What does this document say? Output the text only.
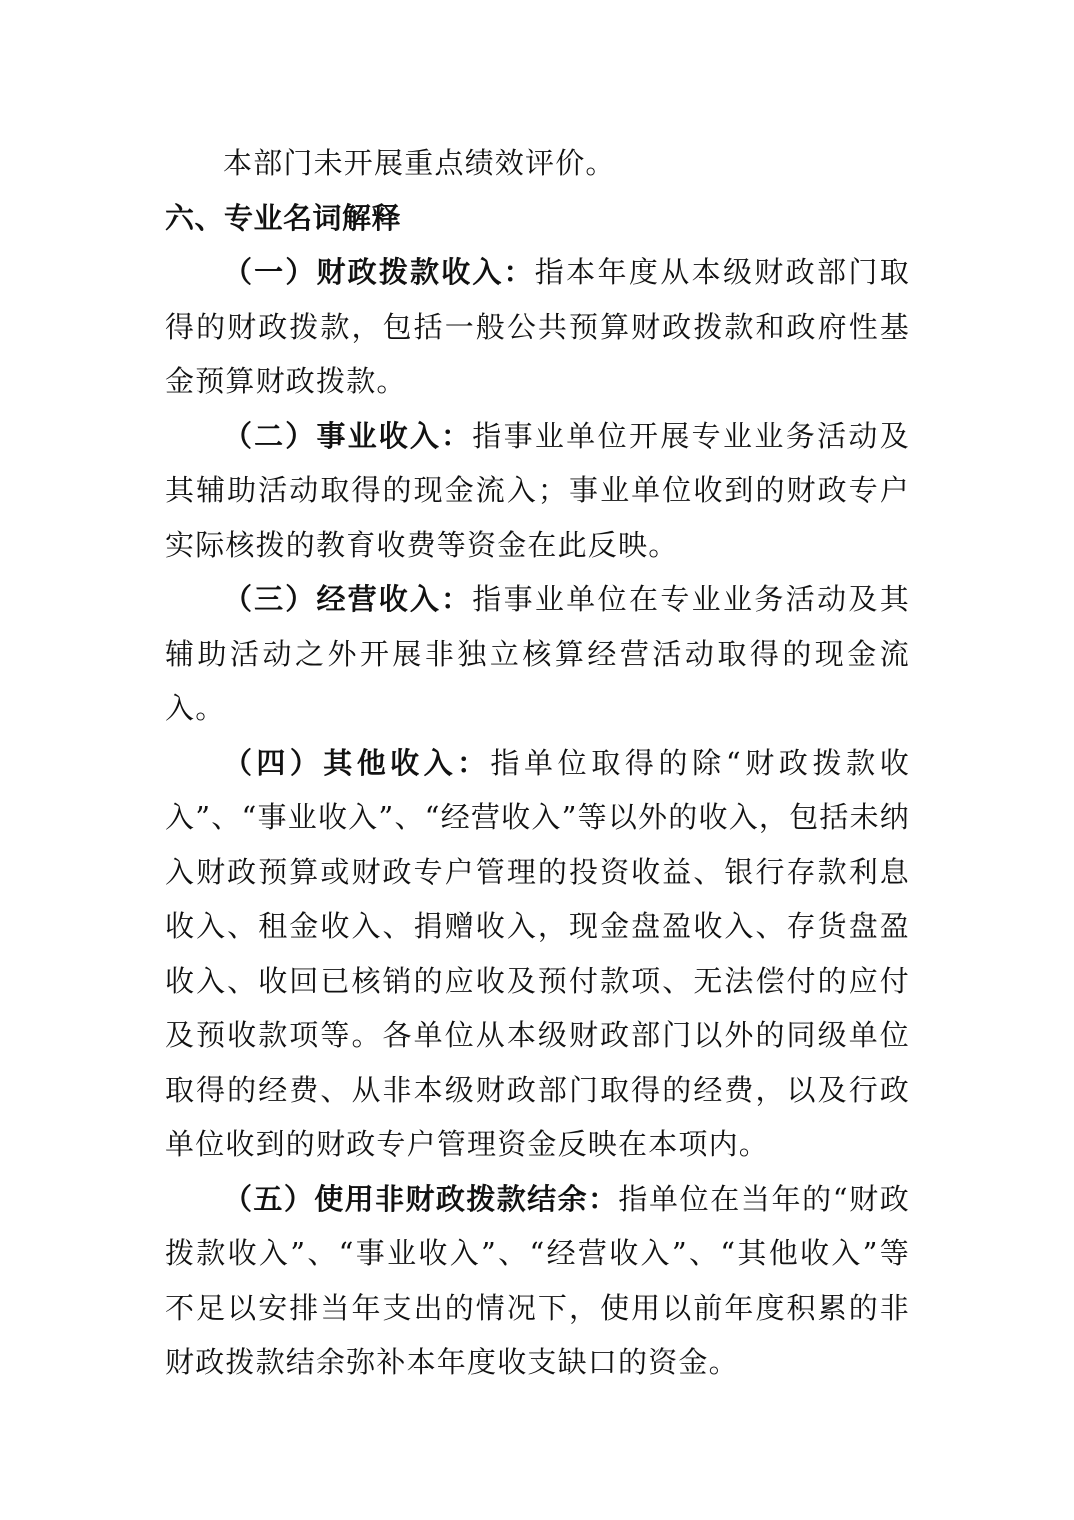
本部门未开展重点绩效评价。

六、专业名词解释

（一）财政拨款收入：指本年度从本级财政部门取得的财政拨款，包括一般公共预算财政拨款和政府性基金预算财政拨款。

（二）事业收入：指事业单位开展专业业务活动及其辅助活动取得的现金流入；事业单位收到的财政专户实际核拨的教育收费等资金在此反映。

（三）经营收入：指事业单位在专业业务活动及其辅助活动之外开展非独立核算经营活动取得的现金流入。

（四）其他收入：指单位取得的除“财政拨款收入”、“事业收入”、“经营收入”等以外的收入，包括未纳入财政预算或财政专户管理的投资收益、银行存款利息收入、租金收入、捐赠收入，现金盘盈收入、存货盘盈收入、收回已核销的应收及预付款项、无法偿付的应付及预收款项等。各单位从本级财政部门以外的同级单位取得的经费、从非本级财政部门取得的经费，以及行政单位收到的财政专户管理资金反映在本项内。

（五）使用非财政拨款结余：指单位在当年的“财政拨款收入”、“事业收入”、“经营收入”、“其他收入”等不足以安排当年支出的情况下，使用以前年度积累的非财政拨款结余弥补本年度收支缺口的资金。
